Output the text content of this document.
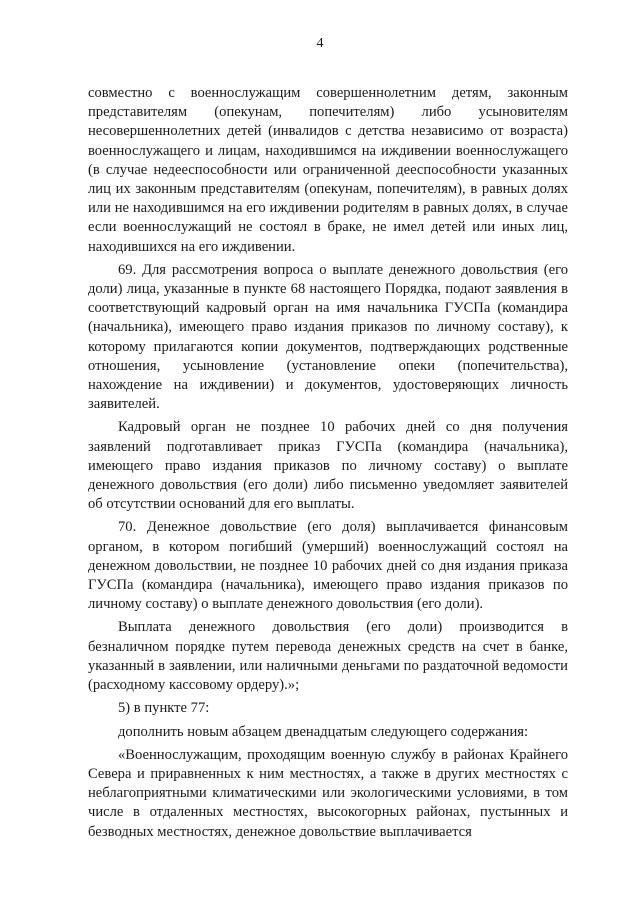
4

совместно с военнослужащим совершеннолетним детям, законным представителям (опекунам, попечителям) либо усыновителям несовершеннолетних детей (инвалидов с детства независимо от возраста) военнослужащего и лицам, находившимся на иждивении военнослужащего (в случае недееспособности или ограниченной дееспособности указанных лиц их законным представителям (опекунам, попечителям), в равных долях или не находившимся на его иждивении родителям в равных долях, в случае если военнослужащий не состоял в браке, не имел детей или иных лиц, находившихся на его иждивении.

69. Для рассмотрения вопроса о выплате денежного довольствия (его доли) лица, указанные в пункте 68 настоящего Порядка, подают заявления в соответствующий кадровый орган на имя начальника ГУСПа (командира (начальника), имеющего право издания приказов по личному составу), к которому прилагаются копии документов, подтверждающих родственные отношения, усыновление (установление опеки (попечительства), нахождение на иждивении) и документов, удостоверяющих личность заявителей.

Кадровый орган не позднее 10 рабочих дней со дня получения заявлений подготавливает приказ ГУСПа (командира (начальника), имеющего право издания приказов по личному составу) о выплате денежного довольствия (его доли) либо письменно уведомляет заявителей об отсутствии оснований для его выплаты.

70. Денежное довольствие (его доля) выплачивается финансовым органом, в котором погибший (умерший) военнослужащий состоял на денежном довольствии, не позднее 10 рабочих дней со дня издания приказа ГУСПа (командира (начальника), имеющего право издания приказов по личному составу) о выплате денежного довольствия (его доли).

Выплата денежного довольствия (его доли) производится в безналичном порядке путем перевода денежных средств на счет в банке, указанный в заявлении, или наличными деньгами по раздаточной ведомости (расходному кассовому ордеру).»;

5) в пункте 77:

дополнить новым абзацем двенадцатым следующего содержания:

«Военнослужащим, проходящим военную службу в районах Крайнего Севера и приравненных к ним местностях, а также в других местностях с неблагоприятными климатическими или экологическими условиями, в том числе в отдаленных местностях, высокогорных районах, пустынных и безводных местностях, денежное довольствие выплачивается
